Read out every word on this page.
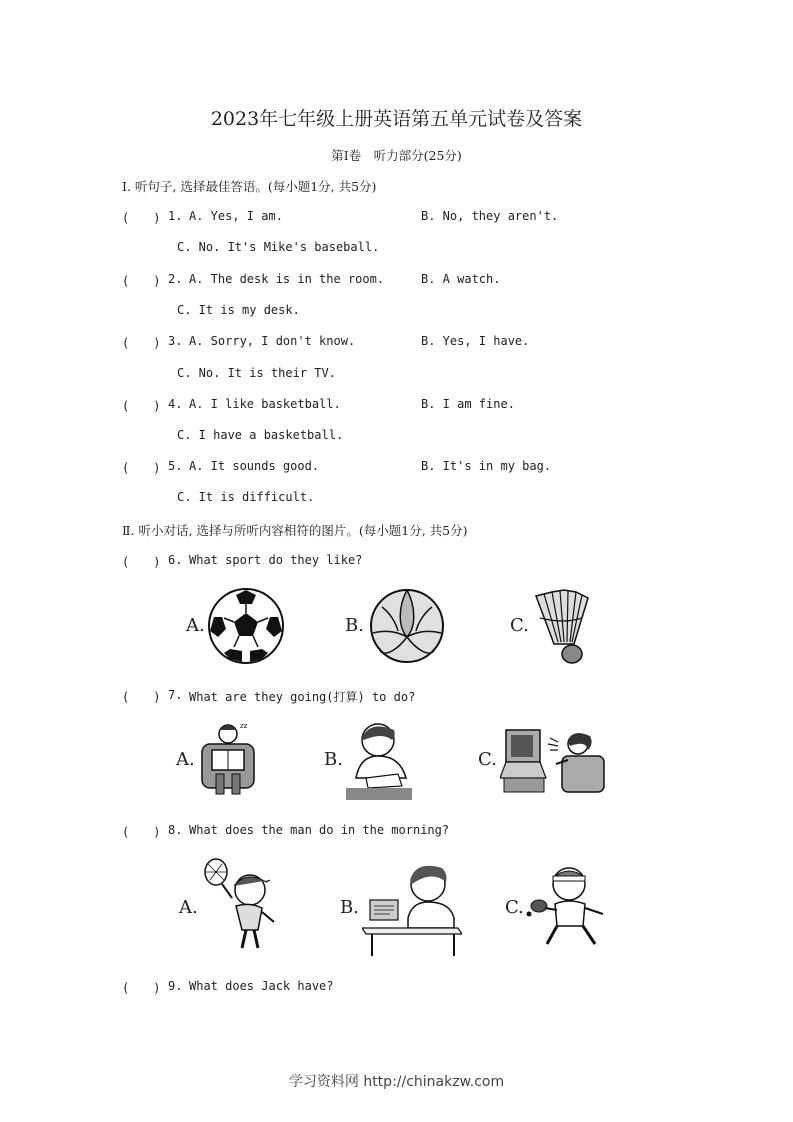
2023年七年级上册英语第五单元试卷及答案
第Ⅰ卷　听力部分(25分)
Ⅰ. 听句子, 选择最佳答语。(每小题1分, 共5分)
(　　) 1. A. Yes, I am.	B. No, they aren't.
C. No. It's Mike's baseball.
(　　) 2. A. The desk is in the room.	B. A watch.
C. It is my desk.
(　　) 3. A. Sorry, I don't know.	B. Yes, I have.
C. No. It is their TV.
(　　) 4. A. I like basketball.	B. I am fine.
C. I have a basketball.
(　　) 5. A. It sounds good.	B. It's in my bag.
C. It is difficult.
Ⅱ. 听小对话, 选择与所听内容相符的图片。(每小题1分, 共5分)
(　　) 6. What sport do they like?
A.	B.	C.
(　　) 7. What are they going(打算) to do?
A.
zz
B.	C.
(　　) 8. What does the man do in the morning?
A.	B.	C.
(　　) 9. What does Jack have?
学习资料网 http://chinakzw.com
